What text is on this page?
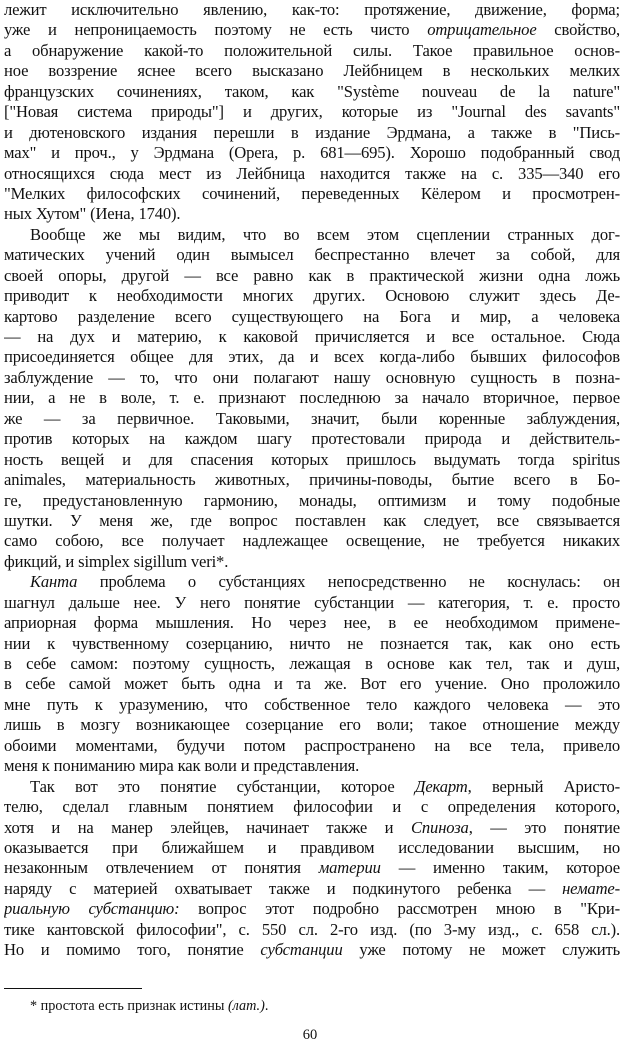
лежит исключительно явлению, как-то: протяжение, движение, форма;
уже и непроницаемость поэтому не есть чисто отрицательное свойство,
а обнаружение какой-то положительной силы. Такое правильное основ-
ное воззрение яснее всего высказано Лейбницем в нескольких мелких
французских сочинениях, таком, как "Système nouveau de la nature"
["Новая система природы"] и других, которые из "Journal des savants"
и дютеновского издания перешли в издание Эрдмана, а также в "Пись-
мах" и проч., у Эрдмана (Opera, p. 681—695). Хорошо подобранный свод
относящихся сюда мест из Лейбница находится также на с. 335—340 его
"Мелких философских сочинений, переведенных Кёлером и просмотрен-
ных Хутом" (Иена, 1740).
Вообще же мы видим, что во всем этом сцеплении странных дог-
матических учений один вымысел беспрестанно влечет за собой, для
своей опоры, другой — все равно как в практической жизни одна ложь
приводит к необходимости многих других. Основою служит здесь Де-
картово разделение всего существующего на Бога и мир, а человека
— на дух и материю, к каковой причисляется и все остальное. Сюда
присоединяется общее для этих, да и всех когда-либо бывших философов
заблуждение — то, что они полагают нашу основную сущность в позна-
нии, а не в воле, т. е. признают последнюю за начало вторичное, первое
же — за первичное. Таковыми, значит, были коренные заблуждения,
против которых на каждом шагу протестовали природа и действитель-
ность вещей и для спасения которых пришлось выдумать тогда spiritus
animales, материальность животных, причины-поводы, бытие всего в Бо-
ге, предустановленную гармонию, монады, оптимизм и тому подобные
шутки. У меня же, где вопрос поставлен как следует, все связывается
само собою, все получает надлежащее освещение, не требуется никаких
фикций, и simplex sigillum veri*.
Канта проблема о субстанциях непосредственно не коснулась: он
шагнул дальше нее. У него понятие субстанции — категория, т. е. просто
априорная форма мышления. Но через нее, в ее необходимом примене-
нии к чувственному созерцанию, ничто не познается так, как оно есть
в себе самом: поэтому сущность, лежащая в основе как тел, так и душ,
в себе самой может быть одна и та же. Вот его учение. Оно проложило
мне путь к уразумению, что собственное тело каждого человека — это
лишь в мозгу возникающее созерцание его воли; такое отношение между
обоими моментами, будучи потом распространено на все тела, привело
меня к пониманию мира как воли и представления.
Так вот это понятие субстанции, которое Декарт, верный Аристо-
телю, сделал главным понятием философии и с определения которого,
хотя и на манер элейцев, начинает также и Спиноза, — это понятие
оказывается при ближайшем и правдивом исследовании высшим, но
незаконным отвлечением от понятия материи — именно таким, которое
наряду с материей охватывает также и подкинутого ребенка — немате-
риальную субстанцию: вопрос этот подробно рассмотрен мною в "Кри-
тике кантовской философии", с. 550 сл. 2-го изд. (по 3-му изд., с. 658 сл.).
Но и помимо того, понятие субстанции уже потому не может служить
* простота есть признак истины (лат.).
60
